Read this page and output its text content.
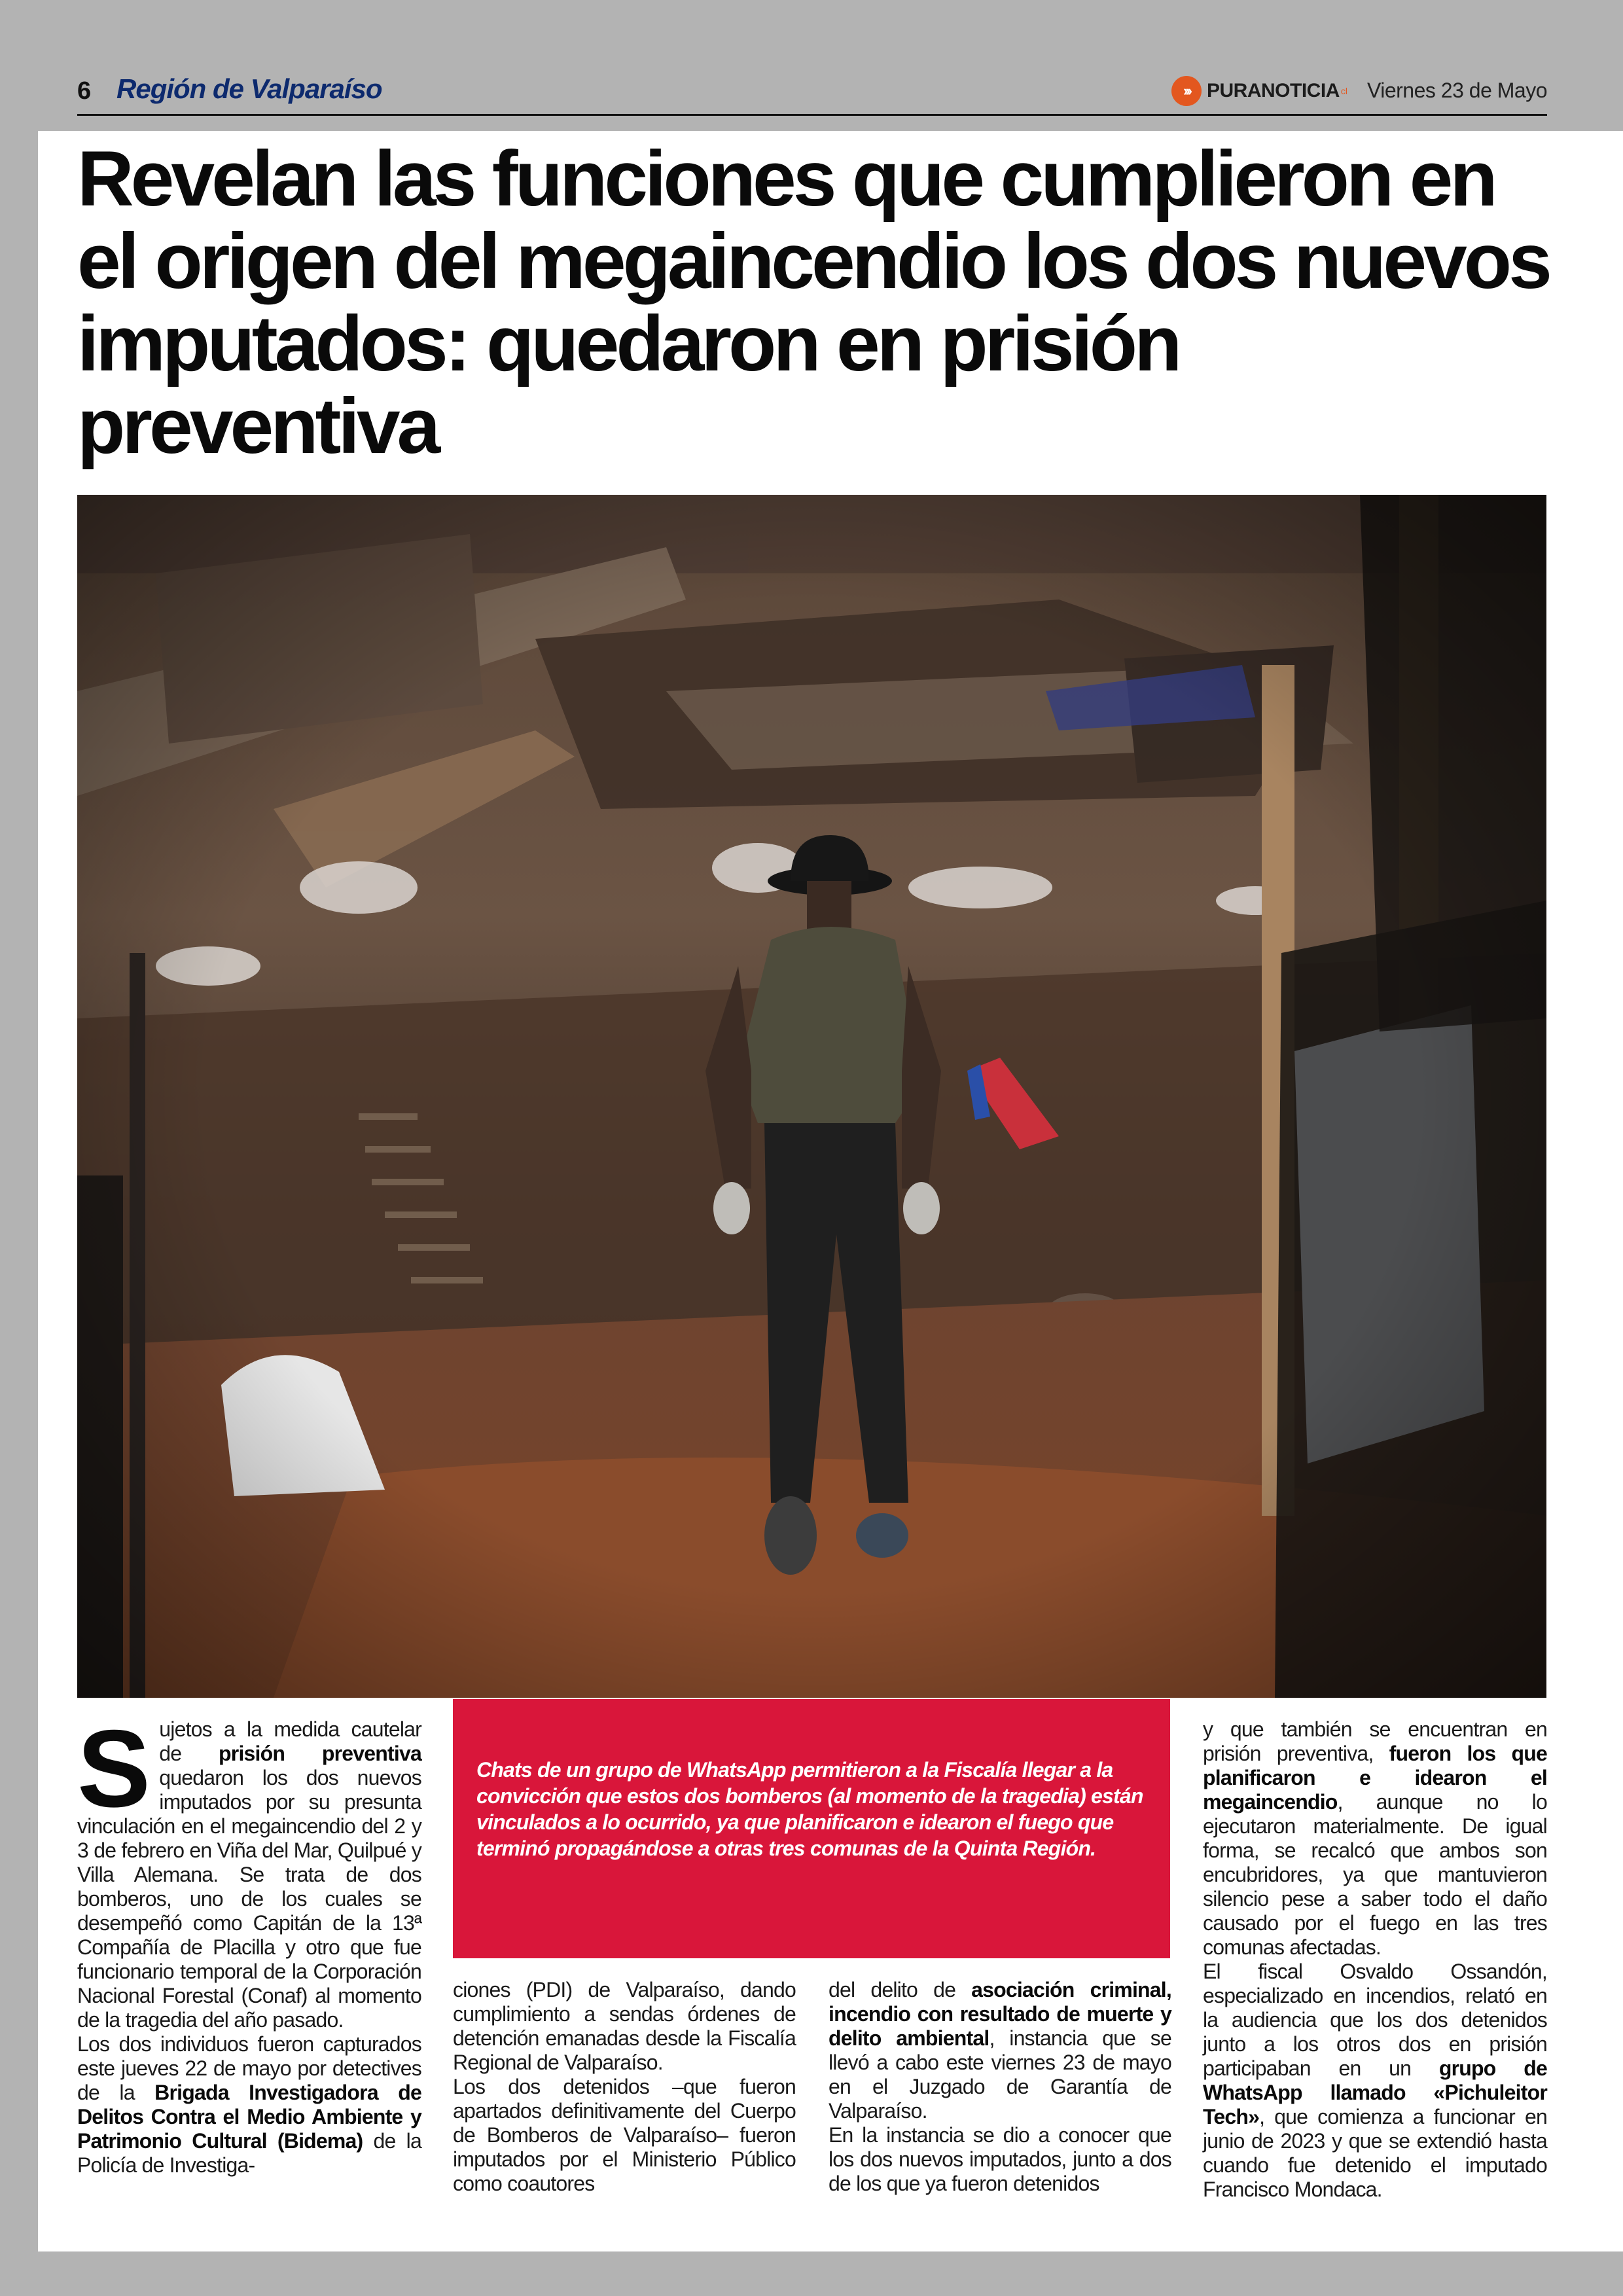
6 Región de Valparaíso	››› PURANOTICIA cl Viernes 23 de Mayo
Revelan las funciones que cumplieron en el origen del megaincendio los dos nuevos imputados: quedaron en prisión preventiva

Chats de un grupo de WhatsApp permitieron a la Fiscalía llegar a la convicción que estos dos bomberos (al momento de la tragedia) están vinculados a lo ocurrido, ya que planificaron e idearon el fuego que terminó propagándose a otras tres comunas de la Quinta Región.

Sujetos a la medida cautelar de prisión preventiva quedaron los dos nuevos imputados por su presunta vinculación en el megaincendio del 2 y 3 de febrero en Viña del Mar, Quilpué y Villa Alemana. Se trata de dos bomberos, uno de los cuales se desempeñó como Capitán de la 13ª Compañía de Placilla y otro que fue funcionario temporal de la Corporación Nacional Forestal (Conaf) al momento de la tragedia del año pasado.

Los dos individuos fueron capturados este jueves 22 de mayo por detectives de la Brigada Investigadora de Delitos Contra el Medio Ambiente y Patrimonio Cultural (Bidema) de la Policía de Investiga-

ciones (PDI) de Valparaíso, dando cumplimiento a sendas órdenes de detención emanadas desde la Fiscalía Regional de Valparaíso.

Los dos detenidos –que fueron apartados definitivamente del Cuerpo de Bomberos de Valparaíso– fueron imputados por el Ministerio Público como coautores

del delito de asociación criminal, incendio con resultado de muerte y delito ambiental, instancia que se llevó a cabo este viernes 23 de mayo en el Juzgado de Garantía de Valparaíso.

En la instancia se dio a conocer que los dos nuevos imputados, junto a dos de los que ya fueron detenidos

y que también se encuentran en prisión preventiva, fueron los que planificaron e idearon el megaincendio, aunque no lo ejecutaron materialmente. De igual forma, se recalcó que ambos son encubridores, ya que mantuvieron silencio pese a saber todo el daño causado por el fuego en las tres comunas afectadas.

El fiscal Osvaldo Ossandón, especializado en incendios, relató en la audiencia que los dos detenidos junto a los otros dos en prisión participaban en un grupo de WhatsApp llamado «Pichuleitor Tech», que comienza a funcionar en junio de 2023 y que se extendió hasta cuando fue detenido el imputado Francisco Mondaca.
